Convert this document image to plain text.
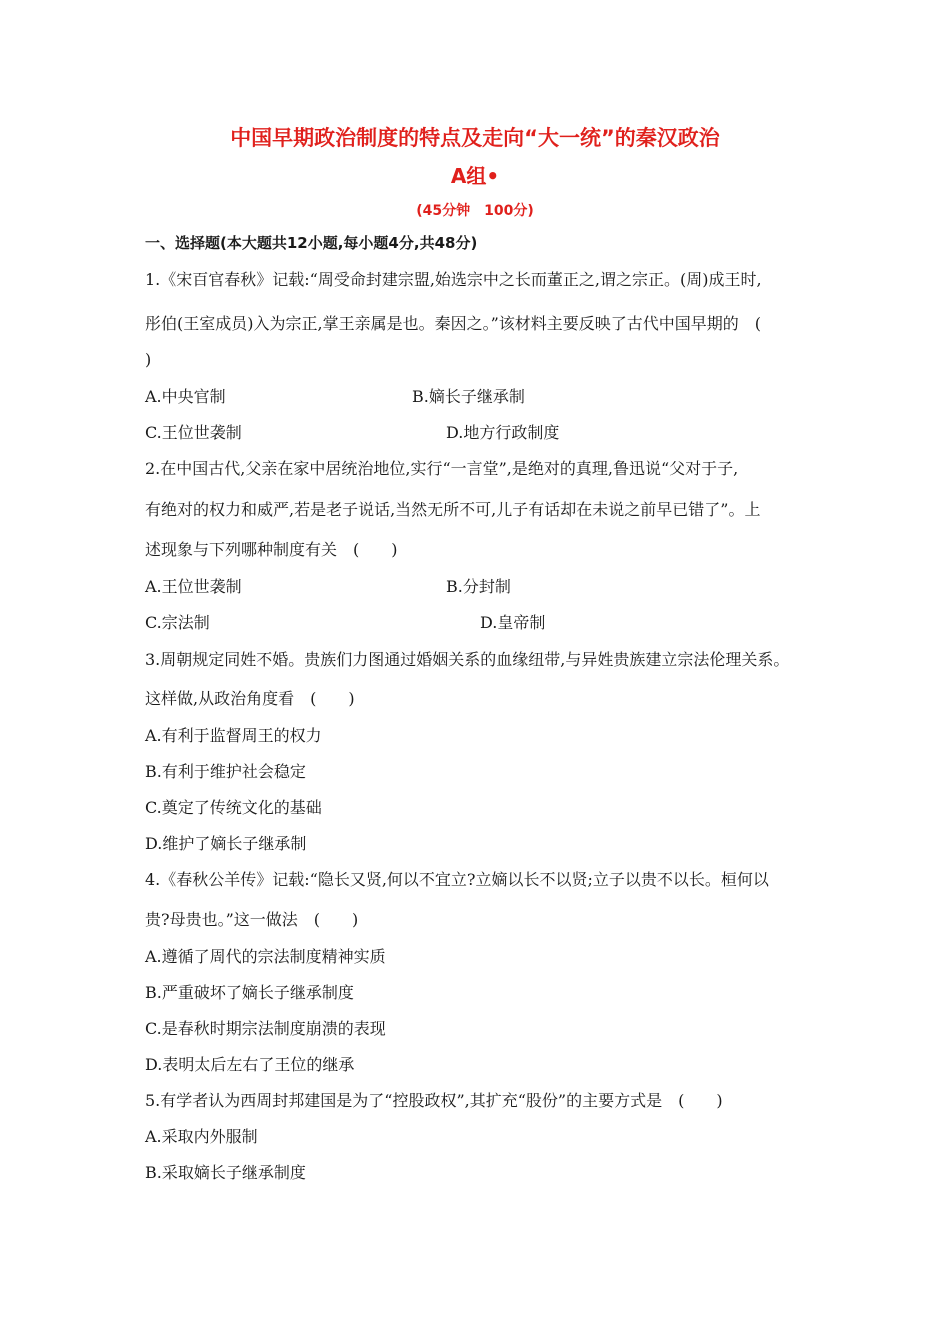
中国早期政治制度的特点及走向“大一统”的秦汉政治
A组•
(45分钟　100分)
一、选择题(本大题共12小题,每小题4分,共48分)
1.《宋百官春秋》记载:“周受命封建宗盟,始选宗中之长而董正之,谓之宗正。(周)成王时,
彤伯(王室成员)入为宗正,掌王亲属是也。秦因之。”该材料主要反映了古代中国早期的　(
)
A.中央官制	B.嫡长子继承制
C.王位世袭制	D.地方行政制度
2.在中国古代,父亲在家中居统治地位,实行“一言堂”,是绝对的真理,鲁迅说“父对于子,
有绝对的权力和威严,若是老子说话,当然无所不可,儿子有话却在未说之前早已错了”。上
述现象与下列哪种制度有关　(　　)
A.王位世袭制	B.分封制
C.宗法制	D.皇帝制
3.周朝规定同姓不婚。贵族们力图通过婚姻关系的血缘纽带,与异姓贵族建立宗法伦理关系。
这样做,从政治角度看　(　　)
A.有利于监督周王的权力
B.有利于维护社会稳定
C.奠定了传统文化的基础
D.维护了嫡长子继承制
4.《春秋公羊传》记载:“隐长又贤,何以不宜立?立嫡以长不以贤;立子以贵不以长。桓何以
贵?母贵也。”这一做法　(　　)
A.遵循了周代的宗法制度精神实质
B.严重破坏了嫡长子继承制度
C.是春秋时期宗法制度崩溃的表现
D.表明太后左右了王位的继承
5.有学者认为西周封邦建国是为了“控股政权”,其扩充“股份”的主要方式是　(　　)
A.采取内外服制
B.采取嫡长子继承制度
